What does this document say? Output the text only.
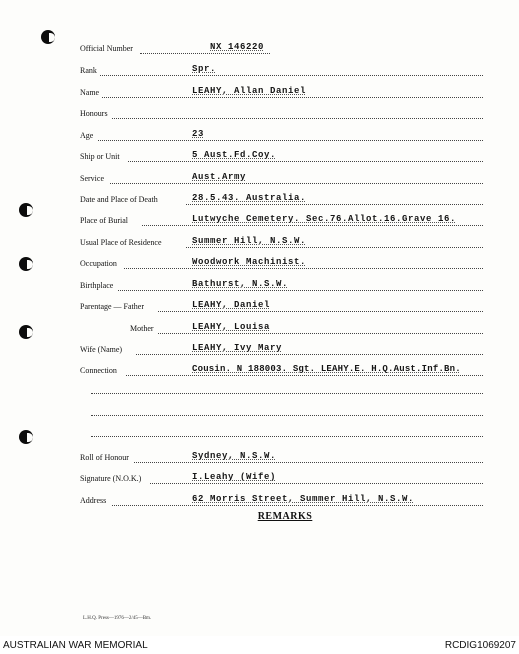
Official Number	NX 146220
Rank	Spr.
Name	LEAHY, Allan Daniel
Honours
Age	23
Ship or Unit	5 Aust.Fd.Coy.
Service	Aust.Army
Date and Place of Death	28.5.43. Australia.
Place of Burial	Lutwyche Cemetery. Sec.76.Allot.16.Grave 16.
Usual Place of Residence	Summer Hill, N.S.W.
Occupation	Woodwork Machinist.
Birthplace	Bathurst, N.S.W.
Parentage — Father	LEAHY, Daniel
Mother	LEAHY, Louisa
Wife (Name)	LEAHY, Ivy Mary
Connection	Cousin. N 188003. Sgt. LEAHY.E. H.Q.Aust.Inf.Bn.
Roll of Honour	Sydney, N.S.W.
Signature (N.O.K.)	I.Leahy (Wife)
Address	62 Morris Street, Summer Hill, N.S.W.
REMARKS
L.H.Q. Press—1976—2/45—Bm.
AUSTRALIAN WAR MEMORIAL	RCDIG1069207
